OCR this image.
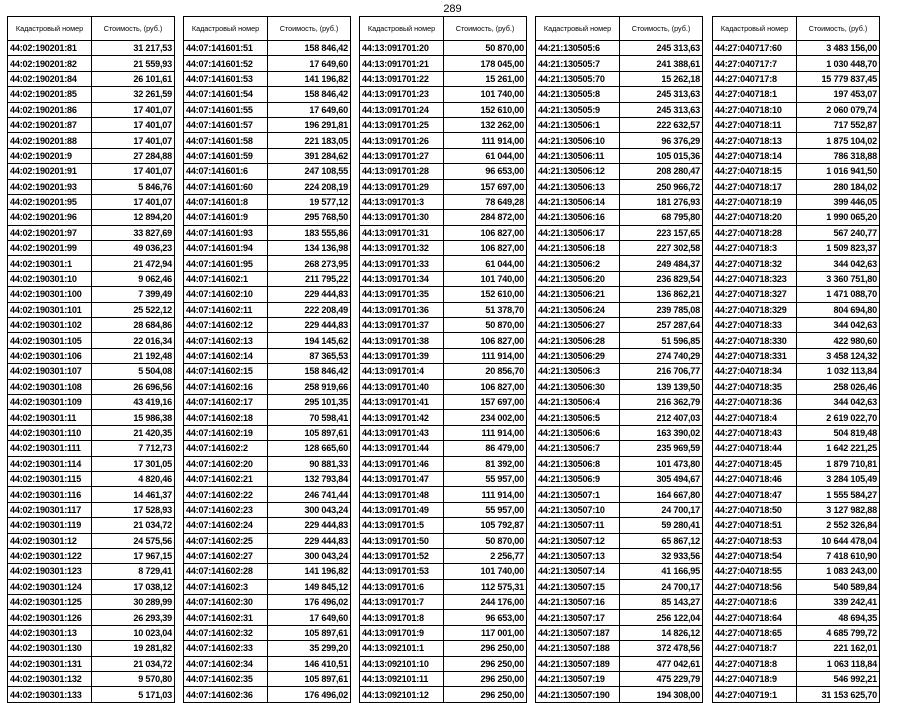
289
Кадастровый номер	Стоимость, (руб.)
44:02:190201:81	31 217,53
44:02:190201:82	21 559,93
44:02:190201:84	26 101,61
44:02:190201:85	32 261,59
44:02:190201:86	17 401,07
44:02:190201:87	17 401,07
44:02:190201:88	17 401,07
44:02:190201:9	27 284,88
44:02:190201:91	17 401,07
44:02:190201:93	5 846,76
44:02:190201:95	17 401,07
44:02:190201:96	12 894,20
44:02:190201:97	33 827,69
44:02:190201:99	49 036,23
44:02:190301:1	21 472,94
44:02:190301:10	9 062,46
44:02:190301:100	7 399,49
44:02:190301:101	25 522,12
44:02:190301:102	28 684,86
44:02:190301:105	22 016,34
44:02:190301:106	21 192,48
44:02:190301:107	5 504,08
44:02:190301:108	26 696,56
44:02:190301:109	43 419,16
44:02:190301:11	15 986,38
44:02:190301:110	21 420,35
44:02:190301:111	7 712,73
44:02:190301:114	17 301,05
44:02:190301:115	4 820,46
44:02:190301:116	14 461,37
44:02:190301:117	17 528,93
44:02:190301:119	21 034,72
44:02:190301:12	24 575,56
44:02:190301:122	17 967,15
44:02:190301:123	8 729,41
44:02:190301:124	17 038,12
44:02:190301:125	30 289,99
44:02:190301:126	26 293,39
44:02:190301:13	10 023,04
44:02:190301:130	19 281,82
44:02:190301:131	21 034,72
44:02:190301:132	9 570,80
44:02:190301:133	5 171,03
Кадастровый номер	Стоимость, (руб.)
44:07:141601:51	158 846,42
44:07:141601:52	17 649,60
44:07:141601:53	141 196,82
44:07:141601:54	158 846,42
44:07:141601:55	17 649,60
44:07:141601:57	196 291,81
44:07:141601:58	221 183,05
44:07:141601:59	391 284,62
44:07:141601:6	247 108,55
44:07:141601:60	224 208,19
44:07:141601:8	19 577,12
44:07:141601:9	295 768,50
44:07:141601:93	183 555,86
44:07:141601:94	134 136,98
44:07:141601:95	268 273,95
44:07:141602:1	211 795,22
44:07:141602:10	229 444,83
44:07:141602:11	222 208,49
44:07:141602:12	229 444,83
44:07:141602:13	194 145,62
44:07:141602:14	87 365,53
44:07:141602:15	158 846,42
44:07:141602:16	258 919,66
44:07:141602:17	295 101,35
44:07:141602:18	70 598,41
44:07:141602:19	105 897,61
44:07:141602:2	128 665,60
44:07:141602:20	90 881,33
44:07:141602:21	132 793,84
44:07:141602:22	246 741,44
44:07:141602:23	300 043,24
44:07:141602:24	229 444,83
44:07:141602:25	229 444,83
44:07:141602:27	300 043,24
44:07:141602:28	141 196,82
44:07:141602:3	149 845,12
44:07:141602:30	176 496,02
44:07:141602:31	17 649,60
44:07:141602:32	105 897,61
44:07:141602:33	35 299,20
44:07:141602:34	146 410,51
44:07:141602:35	105 897,61
44:07:141602:36	176 496,02
Кадастровый номер	Стоимость, (руб.)
44:13:091701:20	50 870,00
44:13:091701:21	178 045,00
44:13:091701:22	15 261,00
44:13:091701:23	101 740,00
44:13:091701:24	152 610,00
44:13:091701:25	132 262,00
44:13:091701:26	111 914,00
44:13:091701:27	61 044,00
44:13:091701:28	96 653,00
44:13:091701:29	157 697,00
44:13:091701:3	78 649,28
44:13:091701:30	284 872,00
44:13:091701:31	106 827,00
44:13:091701:32	106 827,00
44:13:091701:33	61 044,00
44:13:091701:34	101 740,00
44:13:091701:35	152 610,00
44:13:091701:36	51 378,70
44:13:091701:37	50 870,00
44:13:091701:38	106 827,00
44:13:091701:39	111 914,00
44:13:091701:4	20 856,70
44:13:091701:40	106 827,00
44:13:091701:41	157 697,00
44:13:091701:42	234 002,00
44:13:091701:43	111 914,00
44:13:091701:44	86 479,00
44:13:091701:46	81 392,00
44:13:091701:47	55 957,00
44:13:091701:48	111 914,00
44:13:091701:49	55 957,00
44:13:091701:5	105 792,87
44:13:091701:50	50 870,00
44:13:091701:52	2 256,77
44:13:091701:53	101 740,00
44:13:091701:6	112 575,31
44:13:091701:7	244 176,00
44:13:091701:8	96 653,00
44:13:091701:9	117 001,00
44:13:092101:1	296 250,00
44:13:092101:10	296 250,00
44:13:092101:11	296 250,00
44:13:092101:12	296 250,00
Кадастровый номер	Стоимость, (руб.)
44:21:130505:6	245 313,63
44:21:130505:7	241 388,61
44:21:130505:70	15 262,18
44:21:130505:8	245 313,63
44:21:130505:9	245 313,63
44:21:130506:1	222 632,57
44:21:130506:10	96 376,29
44:21:130506:11	105 015,36
44:21:130506:12	208 280,47
44:21:130506:13	250 966,72
44:21:130506:14	181 276,93
44:21:130506:16	68 795,80
44:21:130506:17	223 157,65
44:21:130506:18	227 302,58
44:21:130506:2	249 484,37
44:21:130506:20	236 829,54
44:21:130506:21	136 862,21
44:21:130506:24	239 785,08
44:21:130506:27	257 287,64
44:21:130506:28	51 596,85
44:21:130506:29	274 740,29
44:21:130506:3	216 706,77
44:21:130506:30	139 139,50
44:21:130506:4	216 362,79
44:21:130506:5	212 407,03
44:21:130506:6	163 390,02
44:21:130506:7	235 969,59
44:21:130506:8	101 473,80
44:21:130506:9	305 494,67
44:21:130507:1	164 667,80
44:21:130507:10	24 700,17
44:21:130507:11	59 280,41
44:21:130507:12	65 867,12
44:21:130507:13	32 933,56
44:21:130507:14	41 166,95
44:21:130507:15	24 700,17
44:21:130507:16	85 143,27
44:21:130507:17	256 122,04
44:21:130507:187	14 826,12
44:21:130507:188	372 478,56
44:21:130507:189	477 042,61
44:21:130507:19	475 229,79
44:21:130507:190	194 308,00
Кадастровый номер	Стоимость, (руб.)
44:27:040717:60	3 483 156,00
44:27:040717:7	1 030 448,70
44:27:040717:8	15 779 837,45
44:27:040718:1	197 453,07
44:27:040718:10	2 060 079,74
44:27:040718:11	717 552,87
44:27:040718:13	1 875 104,02
44:27:040718:14	786 318,88
44:27:040718:15	1 016 941,50
44:27:040718:17	280 184,02
44:27:040718:19	399 446,05
44:27:040718:20	1 990 065,20
44:27:040718:28	567 240,77
44:27:040718:3	1 509 823,37
44:27:040718:32	344 042,63
44:27:040718:323	3 360 751,80
44:27:040718:327	1 471 088,70
44:27:040718:329	804 694,80
44:27:040718:33	344 042,63
44:27:040718:330	422 980,60
44:27:040718:331	3 458 124,32
44:27:040718:34	1 032 113,84
44:27:040718:35	258 026,46
44:27:040718:36	344 042,63
44:27:040718:4	2 619 022,70
44:27:040718:43	504 819,48
44:27:040718:44	1 642 221,25
44:27:040718:45	1 879 710,81
44:27:040718:46	3 284 105,49
44:27:040718:47	1 555 584,27
44:27:040718:50	3 127 982,88
44:27:040718:51	2 552 326,84
44:27:040718:53	10 644 478,04
44:27:040718:54	7 418 610,90
44:27:040718:55	1 083 243,00
44:27:040718:56	540 589,84
44:27:040718:6	339 242,41
44:27:040718:64	48 694,35
44:27:040718:65	4 685 799,72
44:27:040718:7	221 162,01
44:27:040718:8	1 063 118,84
44:27:040718:9	546 992,21
44:27:040719:1	31 153 625,70
